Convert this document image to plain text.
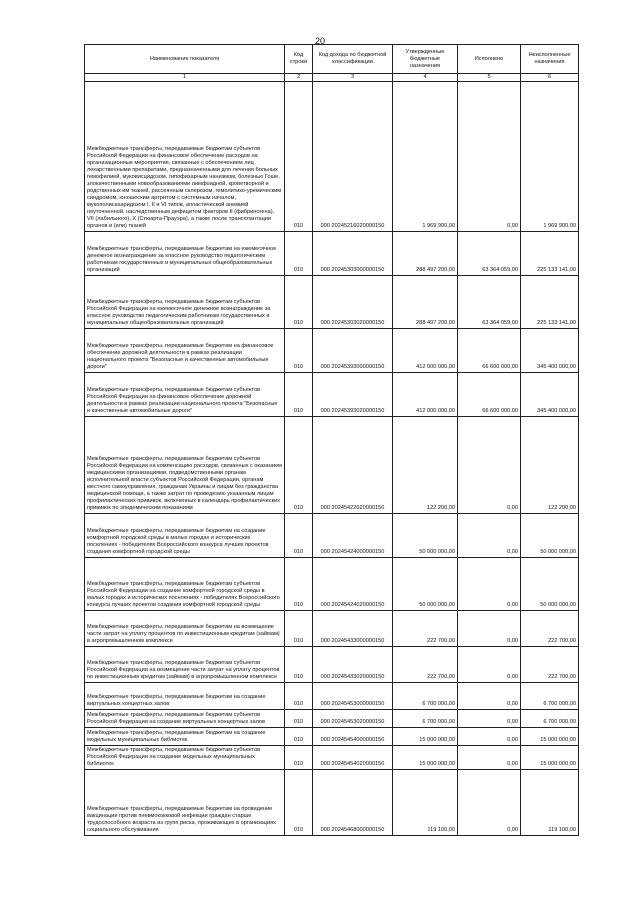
20
Наименование показателя	Код строки	Код дохода по бюджетной классификации	Утвержденные бюджетные назначения	Исполнено	Неисполненные назначения
1	2	3	4	5	6
Межбюджетные трансферты, передаваемые бюджетам субъектов Российской Федерации на финансовое обеспечение расходов на организационные мероприятия, связанные с обеспечением лиц лекарственными препаратами, предназначенными для лечения больных гемофилией, муковисцидозом, гипофизарным нанизмом, болезнью Гоше, злокачественными новообразованиями лимфоидной, кроветворной и родственных им тканей, рассеянным склерозом, гемолитико-уремическим синдромом, юношеским артритом с системным началом, мукополисахаридозом I, II и VI типов, апластической анемией неуточненной, наследственным дефицитом факторов II (фибриногена), VII (лабильного), X (Стюарта-Прауэра), а также после трансплантации органов и (или) тканей	010	000 20245216020000150	1 969 900,00	0,00	1 969 900,00
Межбюджетные трансферты, передаваемые бюджетам на ежемесячное денежное вознаграждение за классное руководство педагогическим работникам государственных и муниципальных общеобразовательных организаций	010	000 20245303000000150	288 497 200,00	63 364 059,00	225 133 141,00
Межбюджетные трансферты, передаваемые бюджетам субъектов Российской Федерации на ежемесячное денежное вознаграждение за классное руководство педагогическим работникам государственных и муниципальных общеобразовательных организаций	010	000 20245303020000150	288 497 200,00	63 364 059,00	225 133 141,00
Межбюджетные трансферты, передаваемые бюджетам на финансовое обеспечение дорожной деятельности в рамках реализации национального проекта "Безопасные и качественные автомобильные дороги"	010	000 20245393000000150	412 000 000,00	66 600 000,00	345 400 000,00
Межбюджетные трансферты, передаваемые бюджетам субъектов Российской Федерации на финансовое обеспечение дорожной деятельности в рамках реализации национального проекта "Безопасные и качественные автомобильные дороги"	010	000 20245393020000150	412 000 000,00	66 600 000,00	345 400 000,00
Межбюджетные трансферты, передаваемые бюджетам субъектов Российской Федерации на компенсацию расходов, связанных с оказанием медицинскими организациями, подведомственными органам исполнительной власти субъектов Российской Федерации, органам местного самоуправления, гражданам Украины и лицам без гражданства медицинской помощи, а также затрат по проведению указанным лицам профилактических прививок, включенных в календарь профилактических прививок по эпидемическим показаниям	010	000 20245422020000150	122 200,00	0,00	122 200,00
Межбюджетные трансферты, передаваемые бюджетам на создание комфортной городской среды в малых городах и исторических поселениях - победителях Всероссийского конкурса лучших проектов создания комфортной городской среды	010	000 20245424000000150	50 000 000,00	0,00	50 000 000,00
Межбюджетные трансферты, передаваемые бюджетам субъектов Российской Федерации на создание комфортной городской среды в малых городах и исторических поселениях - победителях Всероссийского конкурса лучших проектов создания комфортной городской среды	010	000 20245424020000150	50 000 000,00	0,00	50 000 000,00
Межбюджетные трансферты, передаваемые бюджетам на возмещение части затрат на уплату процентов по инвестиционным кредитам (займам) в агропромышленном комплексе	010	000 20245433000000150	222 700,00	0,00	222 700,00
Межбюджетные трансферты, передаваемые бюджетам субъектов Российской Федерации на возмещение части затрат на уплату процентов по инвестиционным кредитам (займам) в агропромышленном комплексе	010	000 20245433020000150	222 700,00	0,00	222 700,00
Межбюджетные трансферты, передаваемые бюджетам на создание виртуальных концертных залов	010	000 20245453000000150	6 700 000,00	0,00	6 700 000,00
Межбюджетные трансферты, передаваемые бюджетам субъектов Российской Федерации на создание виртуальных концертных залов	010	000 20245453020000150	6 700 000,00	0,00	6 700 000,00
Межбюджетные трансферты, передаваемые бюджетам на создание модельных муниципальных библиотек	010	000 20245454000000150	15 000 000,00	0,00	15 000 000,00
Межбюджетные трансферты, передаваемые бюджетам субъектов Российской Федерации на создание модельных муниципальных библиотек	010	000 20245454020000150	15 000 000,00	0,00	15 000 000,00
Межбюджетные трансферты, передаваемые бюджетам на проведение вакцинации против пневмококковой инфекции граждан старше трудоспособного возраста из групп риска, проживающих в организациях социального обслуживания	010	000 20245468000000150	119 100,00	0,00	119 100,00
